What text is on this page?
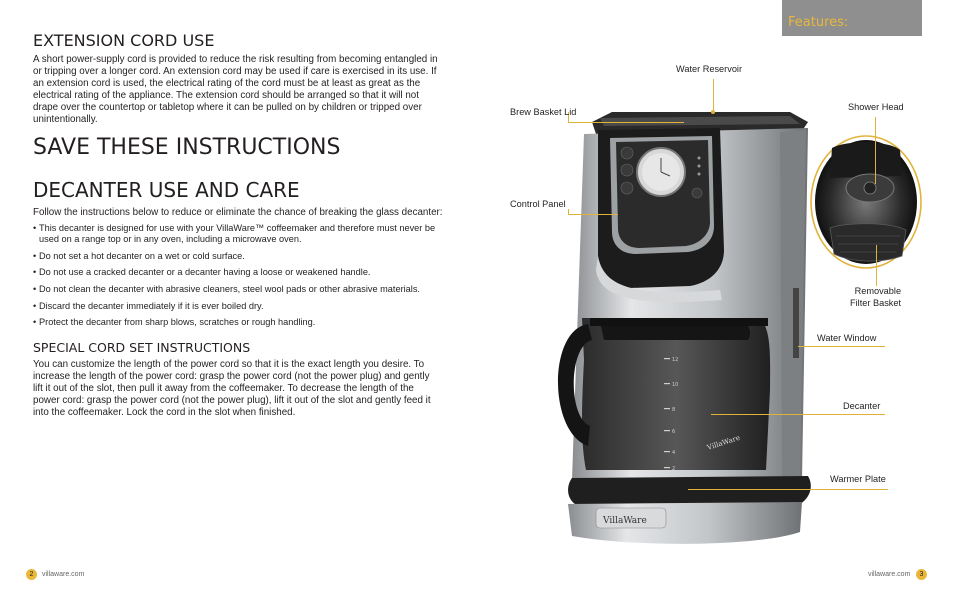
EXTENSION CORD USE

A short power-supply cord is provided to reduce the risk resulting from becoming entangled in or tripping over a longer cord. An extension cord may be used if care is exercised in its use. If an extension cord is used, the electrical rating of the cord must be at least as great as the electrical rating of the appliance. The extension cord should be arranged so that it will not drape over the countertop or tabletop where it can be pulled on by children or tripped over unintentionally.

SAVE THESE INSTRUCTIONS
DECANTER USE AND CARE

Follow the instructions below to reduce or eliminate the chance of breaking the glass decanter:

• This decanter is designed for use with your VillaWare™ coffeemaker and therefore must never be used on a range top or in any oven, including a microwave oven.
• Do not set a hot decanter on a wet or cold surface.
• Do not use a cracked decanter or a decanter having a loose or weakened handle.
• Do not clean the decanter with abrasive cleaners, steel wool pads or other abrasive materials.
• Discard the decanter immediately if it is ever boiled dry.
• Protect the decanter from sharp blows, scratches or rough handling.
SPECIAL CORD SET INSTRUCTIONS

You can customize the length of the power cord so that it is the exact length you desire. To increase the length of the power cord: grasp the power cord (not the power plug) and gently lift it out of the slot, then pull it away from the coffeemaker. To decrease the length of the power cord: grasp the power cord (not the power plug), lift it out of the slot and gently feed it into the coffeemaker. Lock the cord in the slot when finished.

2	villaware.com
Features:
12
10
8
6
4
2
VillaWare
VillaWare
Water Reservoir
Brew Basket Lid	Shower Head
Control Panel
Removable
Filter Basket
Water Window
Decanter
Warmer Plate
villaware.com	3
